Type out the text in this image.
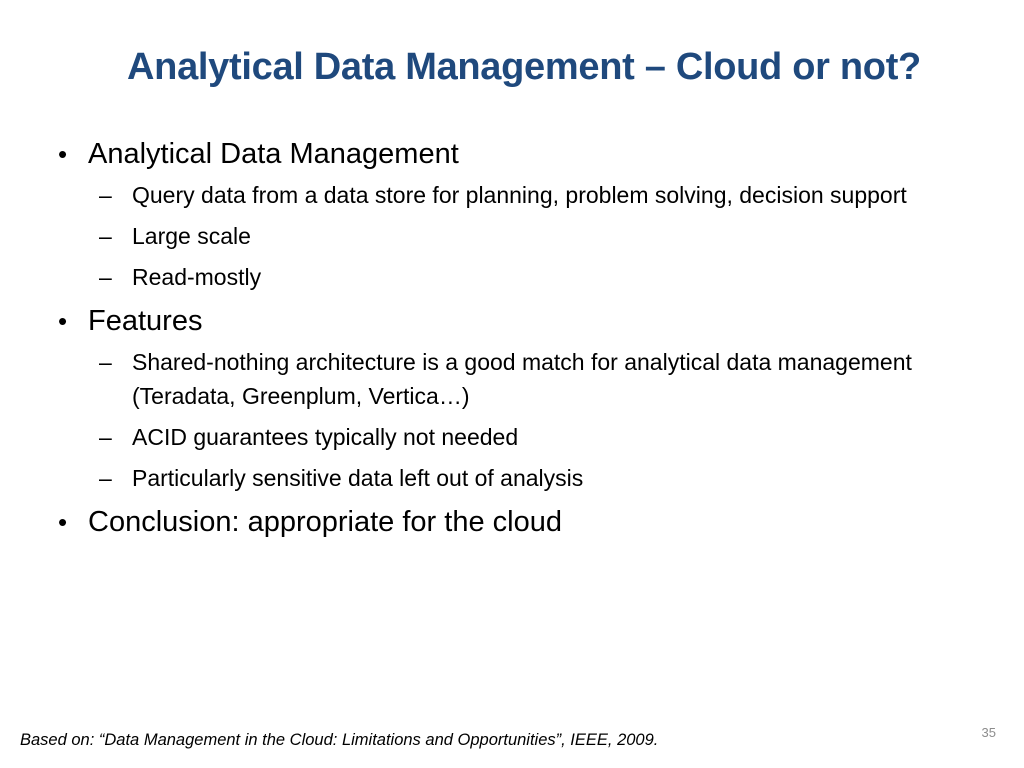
Analytical Data Management – Cloud or not?
• Analytical Data Management
– Query data from a data store for planning, problem solving, decision support
– Large scale
– Read-mostly
• Features
– Shared-nothing architecture is a good match for analytical data management (Teradata, Greenplum, Vertica…)
– ACID guarantees typically not needed
– Particularly sensitive data left out of analysis
• Conclusion: appropriate for the cloud
Based on: “Data Management in the Cloud: Limitations and Opportunities”, IEEE, 2009.	35
